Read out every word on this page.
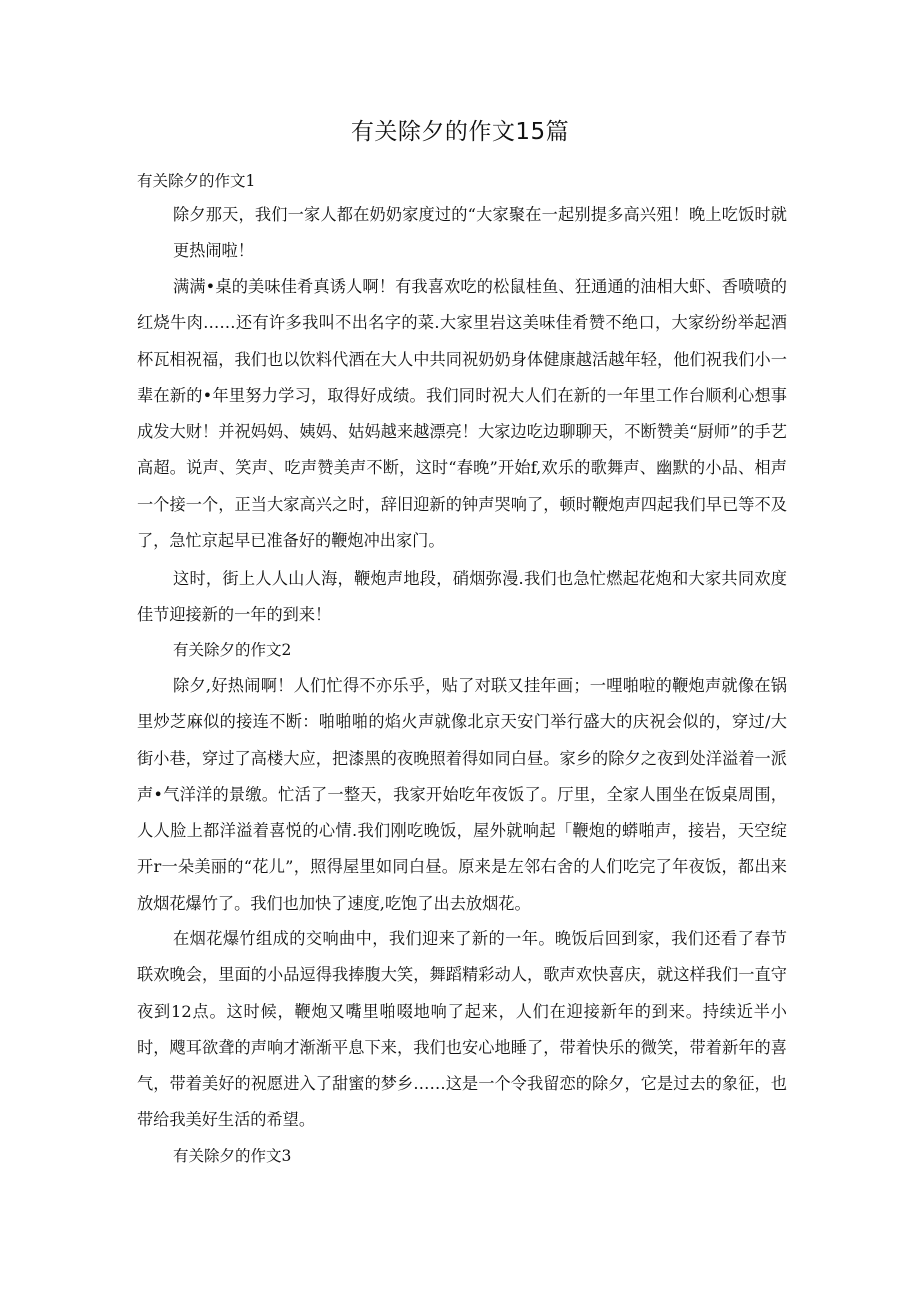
有关除夕的作文15篇
有关除夕的作文1

除夕那天，我们一家人都在奶奶家度过的“大家聚在一起别提多高兴殂！晚上吃饭时就更热闹啦！

满满•桌的美味佳肴真诱人啊！有我喜欢吃的松鼠桂鱼、狂通通的油相大虾、香喷喷的红烧牛肉……还有许多我叫不出名字的菜.大家里岩这美味佳肴赞不绝口，大家纷纷举起酒杯瓦相祝福，我们也以饮料代酒在大人中共同祝奶奶身体健康越活越年轻，他们祝我们小一辈在新的•年里努力学习，取得好成绩。我们同时祝大人们在新的一年里工作台顺利心想事成发大财！并祝妈妈、姨妈、姑妈越来越漂亮！大家边吃边聊聊天，不断赞美“厨师”的手艺高超。说声、笑声、吃声赞美声不断，这时“春晚”开始f,欢乐的歌舞声、幽默的小品、相声一个接一个，正当大家高兴之时，辞旧迎新的钟声哭响了，顿时鞭炮声四起我们早已等不及了，急忙京起早已准备好的鞭炮冲出家门。

这时，街上人人山人海，鞭炮声地段，硝烟弥漫.我们也急忙燃起花炮和大家共同欢度佳节迎接新的一年的到来！

有关除夕的作文2

除夕,好热闹啊！人们忙得不亦乐乎，贴了对联又挂年画；一哩啪啦的鞭炮声就像在锅里炒芝麻似的接连不断：啪啪啪的焰火声就像北京天安门举行盛大的庆祝会似的，穿过/大街小巷，穿过了高楼大应，把漆黑的夜晚照着得如同白昼。家乡的除夕之夜到处洋溢着一派声•气洋洋的景缴。忙活了一整天，我家开始吃年夜饭了。厅里，全家人围坐在饭桌周围，人人脸上都洋溢着喜悦的心情.我们刚吃晚饭，屋外就响起「鞭炮的蟒啪声，接岩，天空绽开r一朵美丽的“花儿”，照得屋里如同白昼。原来是左邻右舍的人们吃完了年夜饭，都出来放烟花爆竹了。我们也加快了速度,吃饱了出去放烟花。

在烟花爆竹组成的交响曲中，我们迎来了新的一年。晚饭后回到家，我们还看了春节联欢晚会，里面的小品逗得我捧腹大笑，舞蹈精彩动人，歌声欢快喜庆，就这样我们一直守夜到12点。这时候，鞭炮又嘴里啪啜地响了起来，人们在迎接新年的到来。持续近半小时，飕耳欲聋的声响才渐渐平息下来，我们也安心地睡了，带着快乐的微笑，带着新年的喜气，带着美好的祝愿进入了甜蜜的梦乡……这是一个令我留恋的除夕，它是过去的象征，也带给我美好生活的希望。

有关除夕的作文3
